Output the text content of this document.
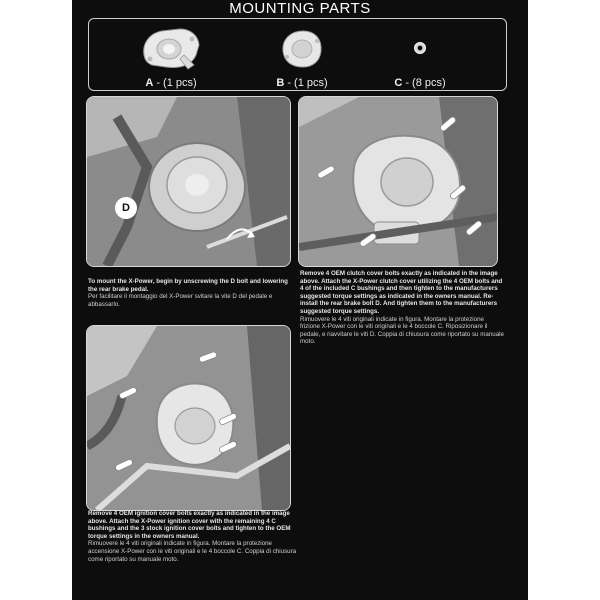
MOUNTING PARTS
A - (1 pcs)	B - (1 pcs)	C - (8 pcs)
D
To mount the X-Power, begin by unscrewing the D bolt and lowering the rear brake pedal.
Per facilitare il montaggio del X-Power svitare la vite D del pedale e abbassarlo.
Remove 4 OEM clutch cover bolts exactly as indicated in the image above. Attach the X-Power clutch cover utilizing the 4 OEM bolts and 4 of the included C bushings and then tighten to the manufacturers suggested torque settings as indicated in the owners manual. Re-install the rear brake bolt D. And tighten them to the manufacturers suggested torque settings.
Rimuovere le 4 viti originali indicate in figura. Montare la protezione frizione X-Power con le viti originali e le 4 boccole C. Riposizionare il pedale, e riavvitare le viti D. Coppia di chiusura come riportato su manuale moto.
Remove 4 OEM ignition cover bolts exactly as indicated in the image above. Attach the X-Power ignition cover with the remaining 4 C bushings and the 3 stock ignition cover bolts and tighten to the OEM torque settings in the owners manual.
Rimuovere le 4 viti originali indicate in figura. Montare la protezione accensione X-Power con le viti originali e le 4 boccole C. Coppia di chiusura come riportato su manuale moto.
